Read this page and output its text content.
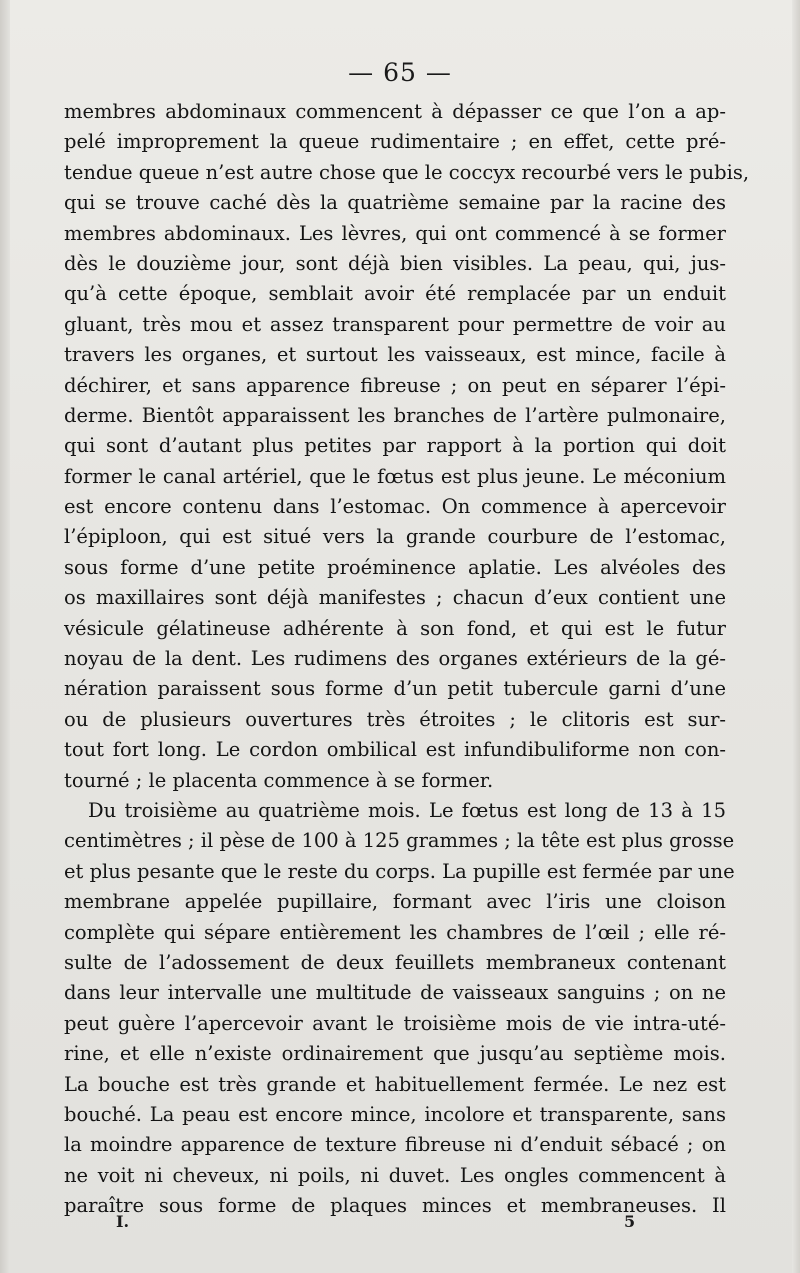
— 65 —
membres abdominaux commencent à dépasser ce que l’on a ap-
pelé improprement la queue rudimentaire ; en effet, cette pré-
tendue queue n’est autre chose que le coccyx recourbé vers le pubis,
qui se trouve caché dès la quatrième semaine par la racine des
membres abdominaux. Les lèvres, qui ont commencé à se former
dès le douzième jour, sont déjà bien visibles. La peau, qui, jus-
qu’à cette époque, semblait avoir été remplacée par un enduit
gluant, très mou et assez transparent pour permettre de voir au
travers les organes, et surtout les vaisseaux, est mince, facile à
déchirer, et sans apparence fibreuse ; on peut en séparer l’épi-
derme. Bientôt apparaissent les branches de l’artère pulmonaire,
qui sont d’autant plus petites par rapport à la portion qui doit
former le canal artériel, que le fœtus est plus jeune. Le méconium
est encore contenu dans l’estomac. On commence à apercevoir
l’épiploon, qui est situé vers la grande courbure de l’estomac,
sous forme d’une petite proéminence aplatie. Les alvéoles des
os maxillaires sont déjà manifestes ; chacun d’eux contient une
vésicule gélatineuse adhérente à son fond, et qui est le futur
noyau de la dent. Les rudimens des organes extérieurs de la gé-
nération paraissent sous forme d’un petit tubercule garni d’une
ou de plusieurs ouvertures très étroites ; le clitoris est sur-
tout fort long. Le cordon ombilical est infundibuliforme non con-
tourné ; le placenta commence à se former.
Du troisième au quatrième mois. Le fœtus est long de 13 à 15
centimètres ; il pèse de 100 à 125 grammes ; la tête est plus grosse
et plus pesante que le reste du corps. La pupille est fermée par une
membrane appelée pupillaire, formant avec l’iris une cloison
complète qui sépare entièrement les chambres de l’œil ; elle ré-
sulte de l’adossement de deux feuillets membraneux contenant
dans leur intervalle une multitude de vaisseaux sanguins ; on ne
peut guère l’apercevoir avant le troisième mois de vie intra-uté-
rine, et elle n’existe ordinairement que jusqu’au septième mois.
La bouche est très grande et habituellement fermée. Le nez est
bouché. La peau est encore mince, incolore et transparente, sans
la moindre apparence de texture fibreuse ni d’enduit sébacé ; on
ne voit ni cheveux, ni poils, ni duvet. Les ongles commencent à
paraître sous forme de plaques minces et membraneuses. Il
I.	5
